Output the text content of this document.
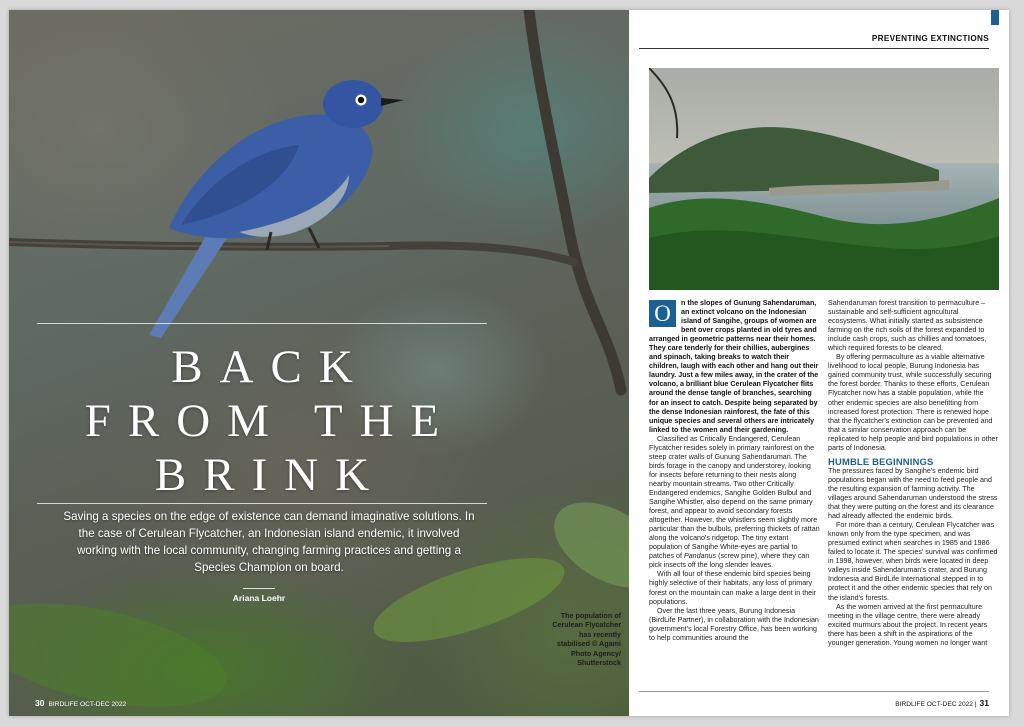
BACK
FROM THE
BRINK
Saving a species on the edge of existence can demand imaginative solutions. In the case of Cerulean Flycatcher, an Indonesian island endemic, it involved working with the local community, changing farming practices and getting a Species Champion on board.
Ariana Loehr
The population of
Cerulean Flycatcher
has recently
stabilised © Agami
Photo Agency/
Shutterstock
30 BIRDLIFE OCT-DEC 2022
PREVENTING EXTINCTIONS

O	n the slopes of Gunung Sahendaruman, an extinct volcano on the Indonesian island of Sangihe, groups of women are bent over crops planted in old tyres and arranged in geometric patterns near their homes. They care tenderly for their chillies, aubergines and spinach, taking breaks to watch their children, laugh with each other and hang out their laundry. Just a few miles away, in the crater of the volcano, a brilliant blue Cerulean Flycatcher flits around the dense tangle of branches, searching for an insect to catch. Despite being separated by the dense Indonesian rainforest, the fate of this unique species and several others are intricately linked to the women and their gardening.

Classified as Critically Endangered, Cerulean Flycatcher resides solely in primary rainforest on the steep crater walls of Gunung Sahendaruman. The birds forage in the canopy and understorey, looking for insects before returning to their nests along nearby mountain streams. Two other Critically Endangered endemics, Sangihe Golden Bulbul and Sangihe Whistler, also depend on the same primary forest, and appear to avoid secondary forests altogether. However, the whistlers seem slightly more particular than the bulbuls, preferring thickets of rattan along the volcano's ridgetop. The tiny extant population of Sangihe White-eyes are partial to patches of Pandanus (screw pine), where they can pick insects off the long slender leaves.

With all four of these endemic bird species being highly selective of their habitats, any loss of primary forest on the mountain can make a large dent in their populations.

Over the last three years, Burung Indonesia (BirdLife Partner), in collaboration with the Indonesian government's local Forestry Office, has been working to help communities around the

Sahendaruman forest transition to permaculture – sustainable and self-sufficient agricultural ecosystems. What initially started as subsistence farming on the rich soils of the forest expanded to include cash crops, such as chillies and tomatoes, which required forests to be cleared.

By offering permaculture as a viable alternative livelihood to local people, Burung Indonesia has gained community trust, while successfully securing the forest border. Thanks to these efforts, Cerulean Flycatcher now has a stable population, while the other endemic species are also benefitting from increased forest protection. There is renewed hope that the flycatcher's extinction can be prevented and that a similar conservation approach can be replicated to help people and bird populations in other parts of Indonesia.

HUMBLE BEGINNINGS

The pressures faced by Sangihe's endemic bird populations began with the need to feed people and the resulting expansion of farming activity. The villages around Sahendaruman understood the stress that they were putting on the forest and its clearance had already affected the endemic birds.

For more than a century, Cerulean Flycatcher was known only from the type specimen, and was presumed extinct when searches in 1985 and 1986 failed to locate it. The species' survival was confirmed in 1998, however, when birds were located in deep valleys inside Sahendaruman's crater, and Burung Indonesia and BirdLife International stepped in to protect it and the other endemic species that rely on the island's forests.

As the women arrived at the first permaculture meeting in the village centre, there were already excited murmurs about the project. In recent years there has been a shift in the aspirations of the younger generation. Young women no longer want

BIRDLIFE OCT-DEC 2022 | 31
